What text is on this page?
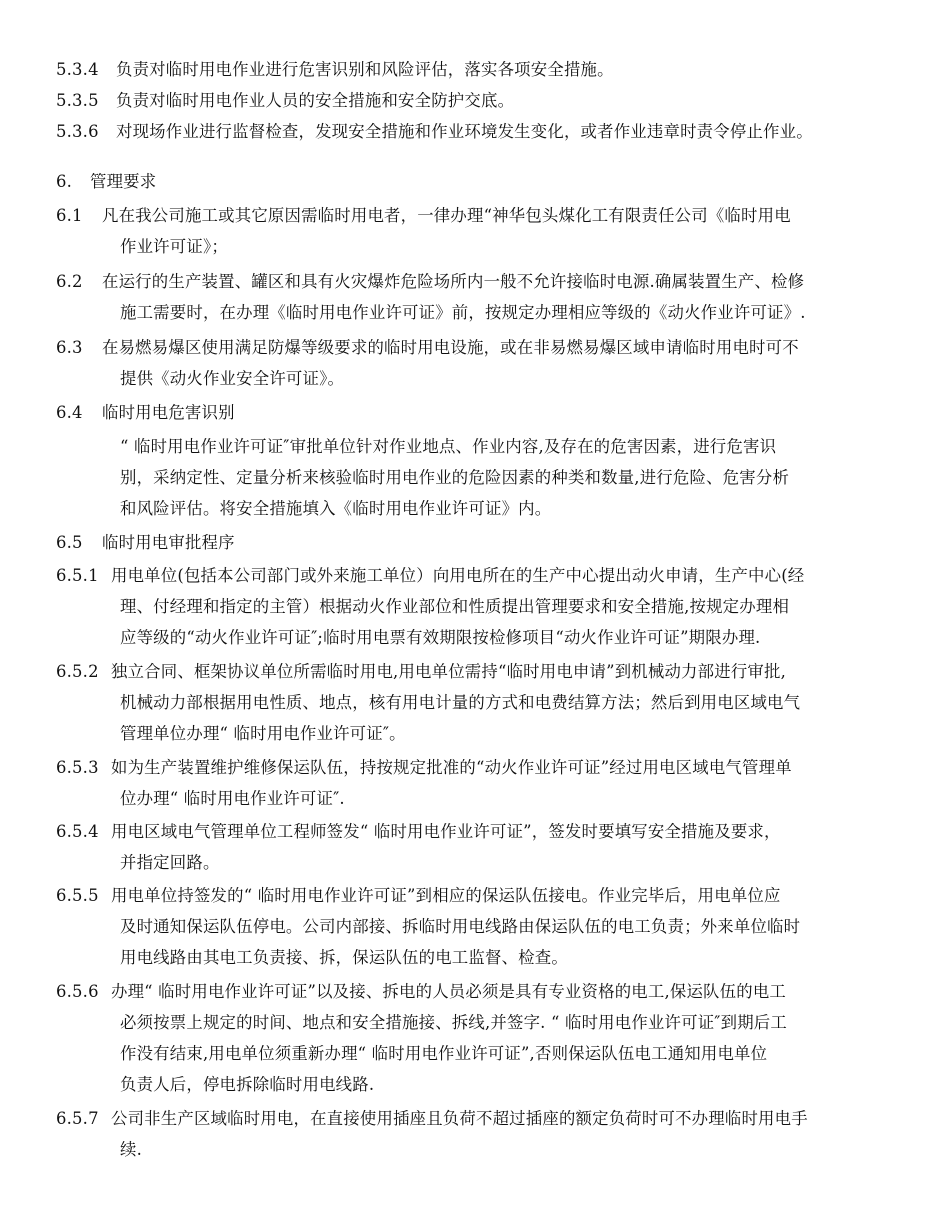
5.3.4 负责对临时用电作业进行危害识别和风险评估，落实各项安全措施。
5.3.5 负责对临时用电作业人员的安全措施和安全防护交底。
5.3.6 对现场作业进行监督检查，发现安全措施和作业环境发生变化，或者作业违章时责令停止作业。
6. 管理要求
6.1 凡在我公司施工或其它原因需临时用电者，一律办理“神华包头煤化工有限责任公司《临时用电
作业许可证》；
6.2 在运行的生产装置、罐区和具有火灾爆炸危险场所内一般不允许接临时电源.确属装置生产、检修
施工需要时，在办理《临时用电作业许可证》前，按规定办理相应等级的《动火作业许可证》.
6.3 在易燃易爆区使用满足防爆等级要求的临时用电设施，或在非易燃易爆区域申请临时用电时可不
提供《动火作业安全许可证》。
6.4 临时用电危害识别
“ 临时用电作业许可证″审批单位针对作业地点、作业内容,及存在的危害因素，进行危害识
别，采纳定性、定量分析来核验临时用电作业的危险因素的种类和数量,进行危险、危害分析
和风险评估。将安全措施填入《临时用电作业许可证》内。
6.5 临时用电审批程序
6.5.1 用电单位(包括本公司部门或外来施工单位）向用电所在的生产中心提出动火申请，生产中心(经
理、付经理和指定的主管）根据动火作业部位和性质提出管理要求和安全措施,按规定办理相
应等级的“动火作业许可证″;临时用电票有效期限按检修项目“动火作业许可证”期限办理.
6.5.2 独立合同、框架协议单位所需临时用电,用电单位需持“临时用电申请”到机械动力部进行审批,
机械动力部根据用电性质、地点，核有用电计量的方式和电费结算方法；然后到用电区域电气
管理单位办理“ 临时用电作业许可证″。
6.5.3 如为生产装置维护维修保运队伍，持按规定批准的“动火作业许可证”经过用电区域电气管理单
位办理“ 临时用电作业许可证″.
6.5.4 用电区域电气管理单位工程师签发“ 临时用电作业许可证”，签发时要填写安全措施及要求，
并指定回路。
6.5.5 用电单位持签发的“ 临时用电作业许可证”到相应的保运队伍接电。作业完毕后，用电单位应
及时通知保运队伍停电。公司内部接、拆临时用电线路由保运队伍的电工负责；外来单位临时
用电线路由其电工负责接、拆，保运队伍的电工监督、检查。
6.5.6 办理“ 临时用电作业许可证”以及接、拆电的人员必须是具有专业资格的电工,保运队伍的电工
必须按票上规定的时间、地点和安全措施接、拆线,并签字. “ 临时用电作业许可证″到期后工
作没有结束,用电单位须重新办理“ 临时用电作业许可证”,否则保运队伍电工通知用电单位
负责人后，停电拆除临时用电线路.
6.5.7 公司非生产区域临时用电，在直接使用插座且负荷不超过插座的额定负荷时可不办理临时用电手
续.
